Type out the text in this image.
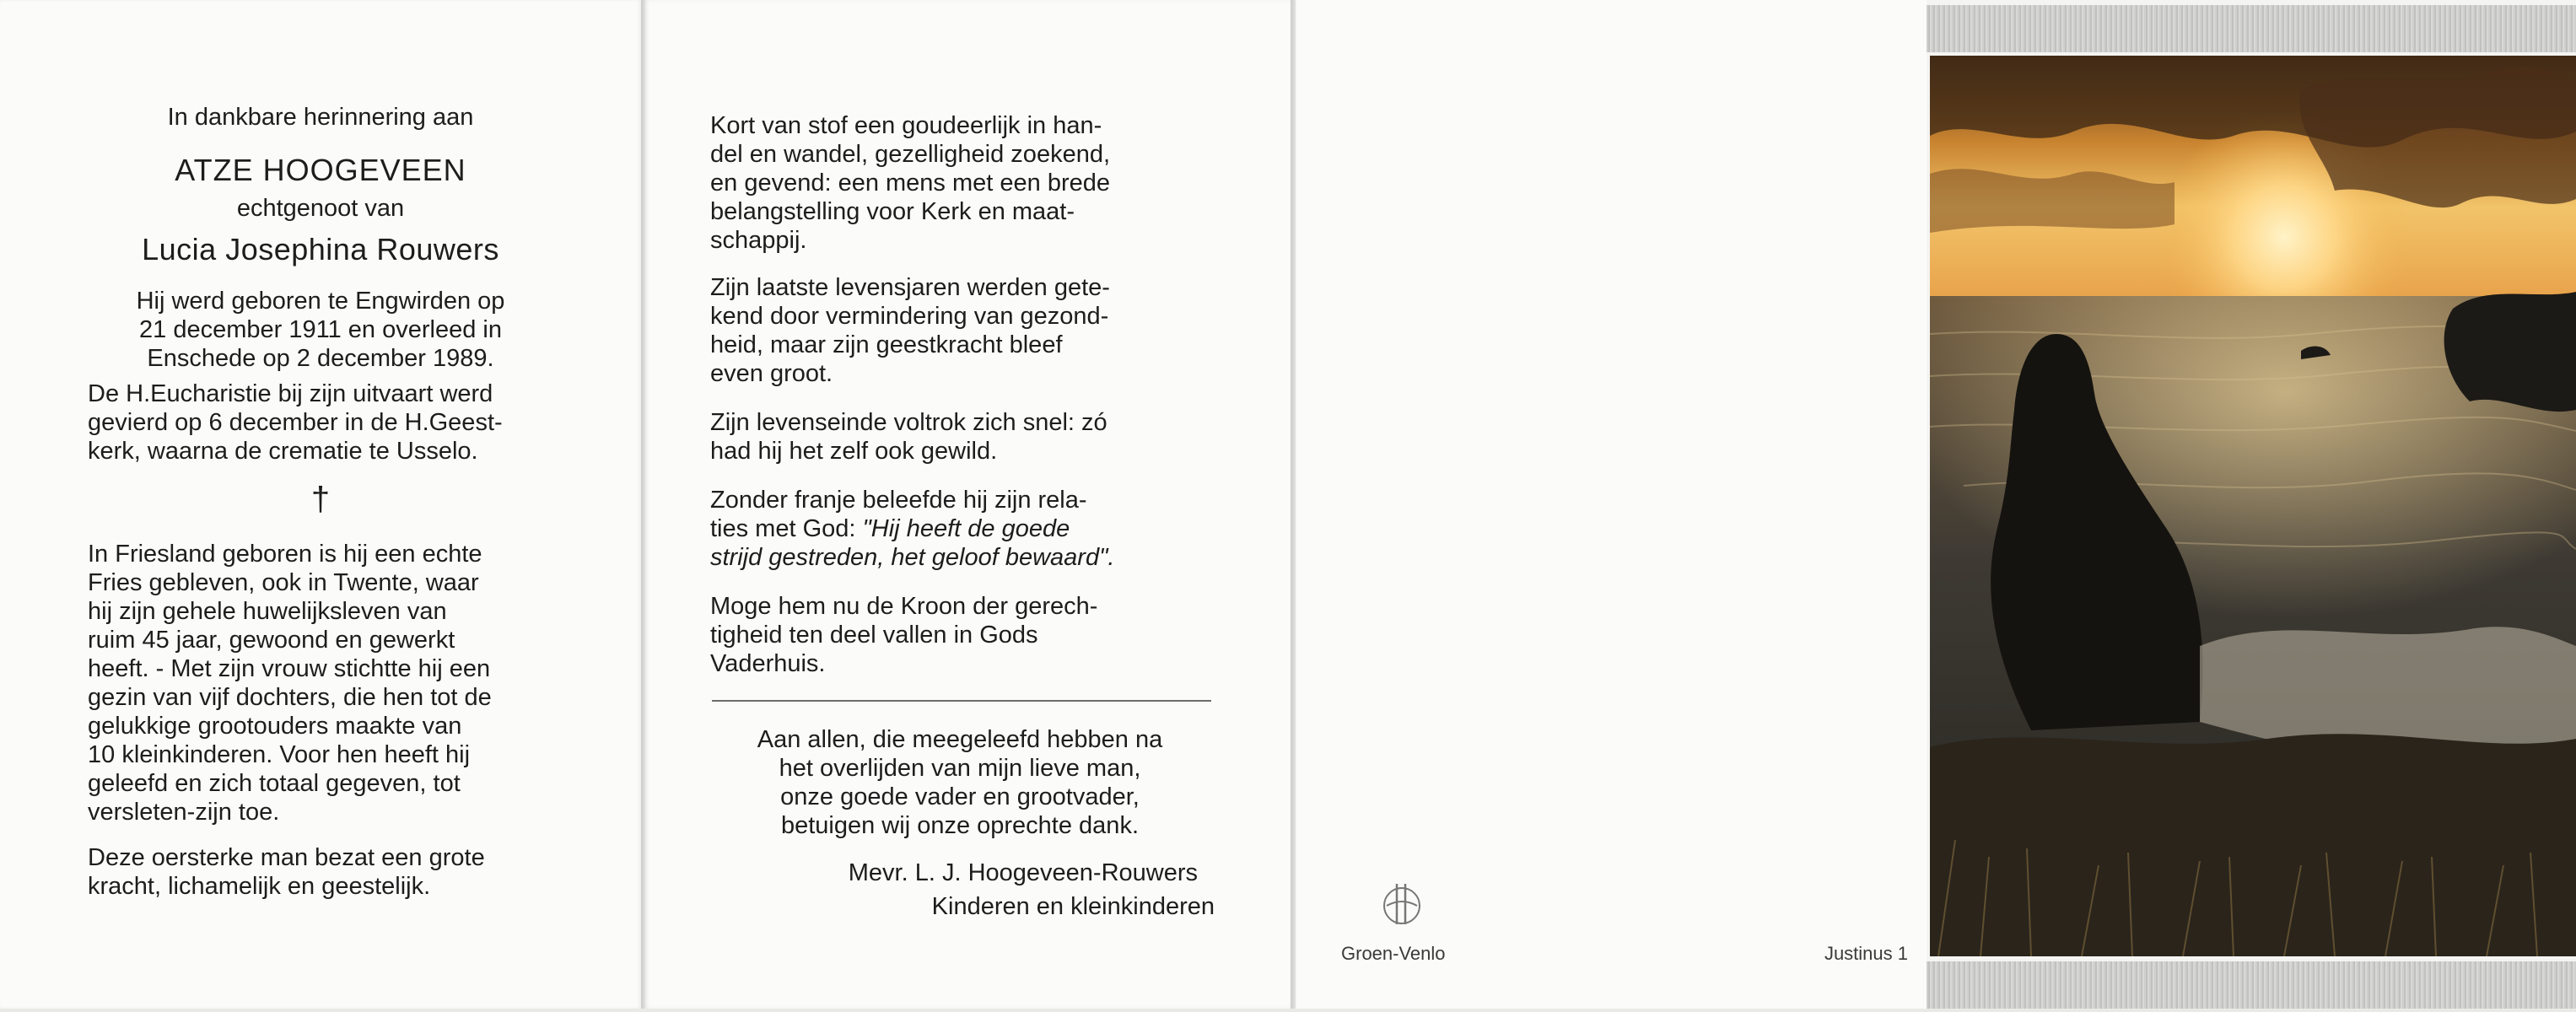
In dankbare herinnering aan
ATZE HOOGEVEEN
echtgenoot van
Lucia Josephina Rouwers
Hij werd geboren te Engwirden op
21 december 1911 en overleed in
Enschede op 2 december 1989.
De H.Eucharistie bij zijn uitvaart werd
gevierd op 6 december in de H.Geest-
kerk, waarna de crematie te Usselo.
†
In Friesland geboren is hij een echte
Fries gebleven, ook in Twente, waar
hij zijn gehele huwelijksleven van
ruim 45 jaar, gewoond en gewerkt
heeft. - Met zijn vrouw stichtte hij een
gezin van vijf dochters, die hen tot de
gelukkige grootouders maakte van
10 kleinkinderen. Voor hen heeft hij
geleefd en zich totaal gegeven, tot
versleten-zijn toe.
Deze oersterke man bezat een grote
kracht, lichamelijk en geestelijk.
Kort van stof een goudeerlijk in han-
del en wandel, gezelligheid zoekend,
en gevend: een mens met een brede
belangstelling voor Kerk en maat-
schappij.
Zijn laatste levensjaren werden gete-
kend door vermindering van gezond-
heid, maar zijn geestkracht bleef
even groot.
Zijn levenseinde voltrok zich snel: zó
had hij het zelf ook gewild.
Zonder franje beleefde hij zijn rela-
ties met God: "Hij heeft de goede
strijd gestreden, het geloof bewaard".
Moge hem nu de Kroon der gerech-
tigheid ten deel vallen in Gods
Vaderhuis.
Aan allen, die meegeleefd hebben na
het overlijden van mijn lieve man,
onze goede vader en grootvader,
betuigen wij onze oprechte dank.
Mevr. L. J. Hoogeveen-Rouwers
Kinderen en kleinkinderen
Groen-Venlo	Justinus 1
